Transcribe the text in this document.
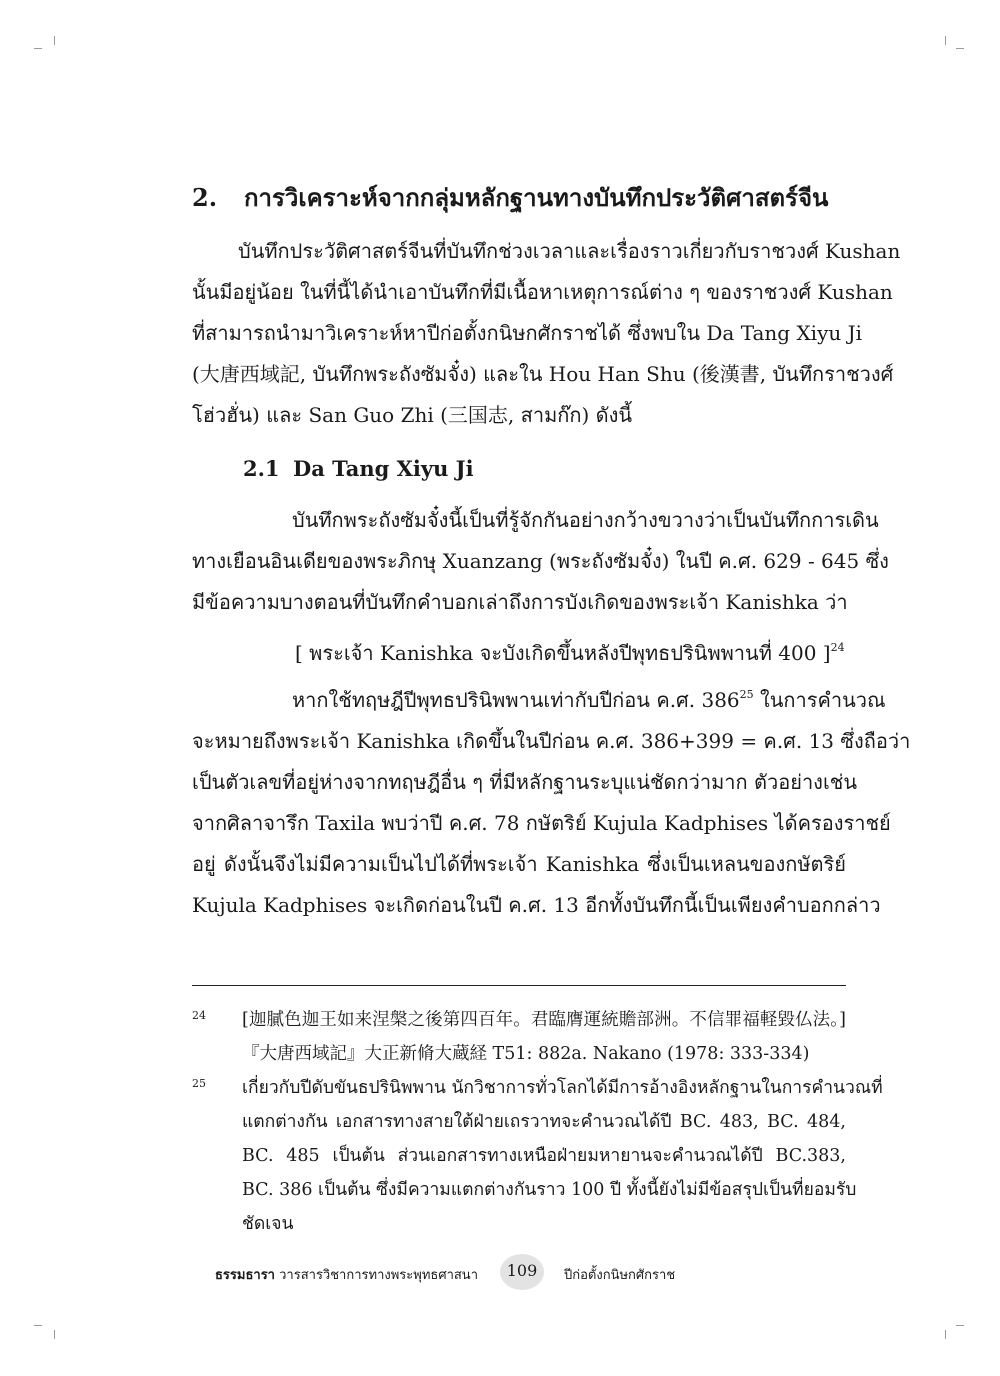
2. การวิเคราะห์จากกลุ่มหลักฐานทางบันทึกประวัติศาสตร์จีน
บันทึกประวัติศาสตร์จีนที่บันทึกช่วงเวลาและเรื่องราวเกี่ยวกับราชวงศ์ Kushan
นั้นมีอยู่น้อย ในที่นี้ได้นำเอาบันทึกที่มีเนื้อหาเหตุการณ์ต่าง ๆ ของราชวงศ์ Kushan
ที่สามารถนำมาวิเคราะห์หาปีก่อตั้งกนิษกศักราชได้ ซึ่งพบใน Da Tang Xiyu Ji
(大唐西域記, บันทึกพระถังซัมจั๋ง) และใน Hou Han Shu (後漢書, บันทึกราชวงศ์
โฮ่วฮั่น) และ San Guo Zhi (三国志, สามก๊ก) ดังนี้
2.1 Da Tang Xiyu Ji
บันทึกพระถังซัมจั๋งนี้เป็นที่รู้จักกันอย่างกว้างขวางว่าเป็นบันทึกการเดิน
ทางเยือนอินเดียของพระภิกษุ Xuanzang (พระถังซัมจั๋ง) ในปี ค.ศ. 629 - 645 ซึ่ง
มีข้อความบางตอนที่บันทึกคำบอกเล่าถึงการบังเกิดของพระเจ้า Kanishka ว่า
[ พระเจ้า Kanishka จะบังเกิดขึ้นหลังปีพุทธปรินิพพานที่ 400 ]$^{24}$
หากใช้ทฤษฎีปีพุทธปรินิพพานเท่ากับปีก่อน ค.ศ. $386^{25}$ ในการคำนวณ
จะหมายถึงพระเจ้า Kanishka เกิดขึ้นในปีก่อน ค.ศ. 386+399 = ค.ศ. 13 ซึ่งถือว่า
เป็นตัวเลขที่อยู่ห่างจากทฤษฎีอื่น ๆ ที่มีหลักฐานระบุแน่ชัดกว่ามาก ตัวอย่างเช่น
จากศิลาจารึก Taxila พบว่าปี ค.ศ. 78 กษัตริย์ Kujula Kadphises ได้ครองราชย์
อยู่ ดังนั้นจึงไม่มีความเป็นไปได้ที่พระเจ้า Kanishka ซึ่งเป็นเหลนของกษัตริย์
Kujula Kadphises จะเกิดก่อนในปี ค.ศ. 13 อีกทั้งบันทึกนี้เป็นเพียงคำบอกกล่าว
24 [迦膩色迦王如来涅槃之後第四百年。君臨膺運統贍部洲。不信罪福軽毀仏法。]
『大唐西域記』大正新脩大蔵経 T51: 882a. Nakano (1978: 333-334)
25 เกี่ยวกับปีดับขันธปรินิพพาน นักวิชาการทั่วโลกได้มีการอ้างอิงหลักฐานในการคำนวณที่
แตกต่างกัน เอกสารทางสายใต้ฝ่ายเถรวาทจะคำนวณได้ปี BC. 483, BC. 484,
BC. 485 เป็นต้น ส่วนเอกสารทางเหนือฝ่ายมหายานจะคำนวณได้ปี BC.383,
BC. 386 เป็นต้น ซึ่งมีความแตกต่างกันราว 100 ปี ทั้งนี้ยังไม่มีข้อสรุปเป็นที่ยอมรับ
ชัดเจน
ธรรมธารา วารสารวิชาการทางพระพุทธศาสนา	109	ปีก่อตั้งกนิษกศักราช
